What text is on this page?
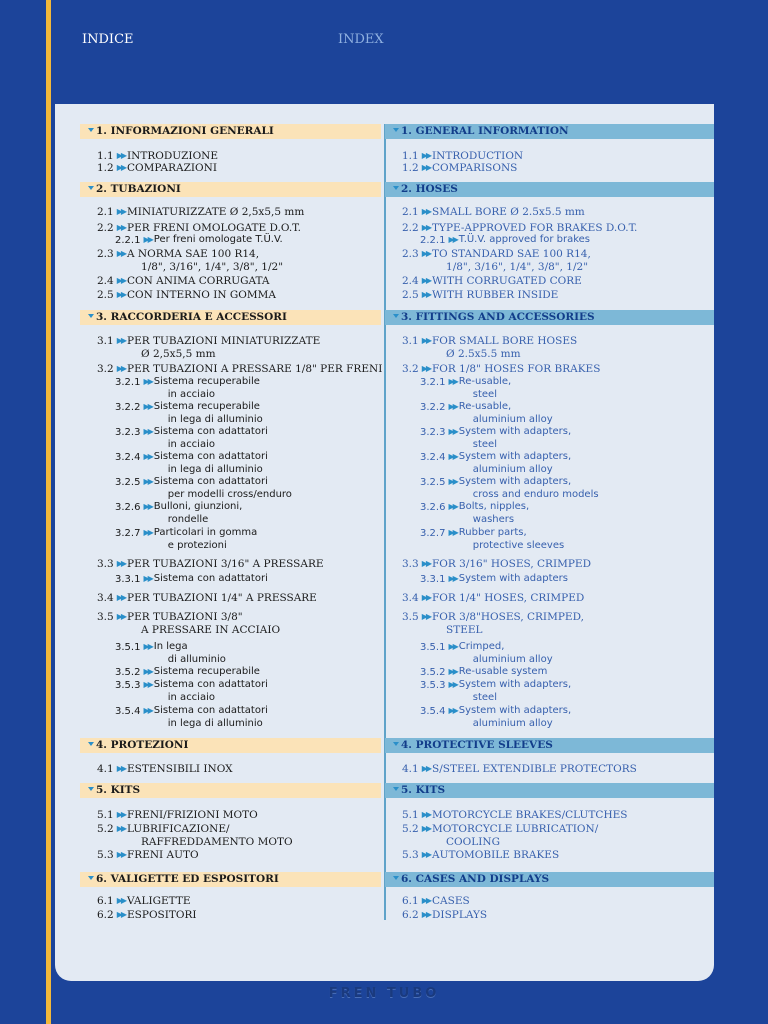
INDICE	INDEX
1. INFORMAZIONI GENERALI
1.1 ▶▶ INTRODUZIONE
1.2 ▶▶ COMPARAZIONI
2. TUBAZIONI
2.1 ▶▶ MINIATURIZZATE Ø 2,5x5,5 mm
2.2 ▶▶ PER FRENI OMOLOGATE D.O.T.
2.2.1 ▶▶ Per freni omologate T.Ü.V.
2.3 ▶▶ A NORMA SAE 100 R14,
1/8", 3/16", 1/4", 3/8", 1/2"
2.4 ▶▶ CON ANIMA CORRUGATA
2.5 ▶▶ CON INTERNO IN GOMMA
3. RACCORDERIA E ACCESSORI
3.1 ▶▶ PER TUBAZIONI MINIATURIZZATE
Ø 2,5x5,5 mm
3.2 ▶▶ PER TUBAZIONI A PRESSARE 1/8" PER FRENI
3.2.1 ▶▶ Sistema recuperabile
in acciaio
3.2.2 ▶▶ Sistema recuperabile
in lega di alluminio
3.2.3 ▶▶ Sistema con adattatori
in acciaio
3.2.4 ▶▶ Sistema con adattatori
in lega di alluminio
3.2.5 ▶▶ Sistema con adattatori
per modelli cross/enduro
3.2.6 ▶▶ Bulloni, giunzioni,
rondelle
3.2.7 ▶▶ Particolari in gomma
e protezioni
3.3 ▶▶ PER TUBAZIONI 3/16" A PRESSARE
3.3.1 ▶▶ Sistema con adattatori
3.4 ▶▶ PER TUBAZIONI 1/4" A PRESSARE
3.5 ▶▶ PER TUBAZIONI 3/8"
A PRESSARE IN ACCIAIO
3.5.1 ▶▶ In lega
di alluminio
3.5.2 ▶▶ Sistema recuperabile
3.5.3 ▶▶ Sistema con adattatori
in acciaio
3.5.4 ▶▶ Sistema con adattatori
in lega di alluminio
4. PROTEZIONI
4.1 ▶▶ ESTENSIBILI INOX
5. KITS
5.1 ▶▶ FRENI/FRIZIONI MOTO
5.2 ▶▶ LUBRIFICAZIONE/
RAFFREDDAMENTO MOTO
5.3 ▶▶ FRENI AUTO
6. VALIGETTE ED ESPOSITORI
6.1 ▶▶ VALIGETTE
6.2 ▶▶ ESPOSITORI
1. GENERAL INFORMATION
1.1 ▶▶ INTRODUCTION
1.2 ▶▶ COMPARISONS
2. HOSES
2.1 ▶▶ SMALL BORE Ø 2.5x5.5 mm
2.2 ▶▶ TYPE-APPROVED FOR BRAKES D.O.T.
2.2.1 ▶▶ T.Ü.V. approved for brakes
2.3 ▶▶ TO STANDARD SAE 100 R14,
1/8", 3/16", 1/4", 3/8", 1/2"
2.4 ▶▶ WITH CORRUGATED CORE
2.5 ▶▶ WITH RUBBER INSIDE
3. FITTINGS AND ACCESSORIES
3.1 ▶▶ FOR SMALL BORE HOSES
Ø 2.5x5.5 mm
3.2 ▶▶ FOR 1/8" HOSES FOR BRAKES
3.2.1 ▶▶ Re-usable,
steel
3.2.2 ▶▶ Re-usable,
aluminium alloy
3.2.3 ▶▶ System with adapters,
steel
3.2.4 ▶▶ System with adapters,
aluminium alloy
3.2.5 ▶▶ System with adapters,
cross and enduro models
3.2.6 ▶▶ Bolts, nipples,
washers
3.2.7 ▶▶ Rubber parts,
protective sleeves
3.3 ▶▶ FOR 3/16" HOSES, CRIMPED
3.3.1 ▶▶ System with adapters
3.4 ▶▶ FOR 1/4" HOSES, CRIMPED
3.5 ▶▶ FOR 3/8"HOSES, CRIMPED,
STEEL
3.5.1 ▶▶ Crimped,
aluminium alloy
3.5.2 ▶▶ Re-usable system
3.5.3 ▶▶ System with adapters,
steel
3.5.4 ▶▶ System with adapters,
aluminium alloy
4. PROTECTIVE SLEEVES
4.1 ▶▶ S/STEEL EXTENDIBLE PROTECTORS
5. KITS
5.1 ▶▶ MOTORCYCLE BRAKES/CLUTCHES
5.2 ▶▶ MOTORCYCLE LUBRICATION/
COOLING
5.3 ▶▶ AUTOMOBILE BRAKES
6. CASES AND DISPLAYS
6.1 ▶▶ CASES
6.2 ▶▶ DISPLAYS
FREN TUBO
